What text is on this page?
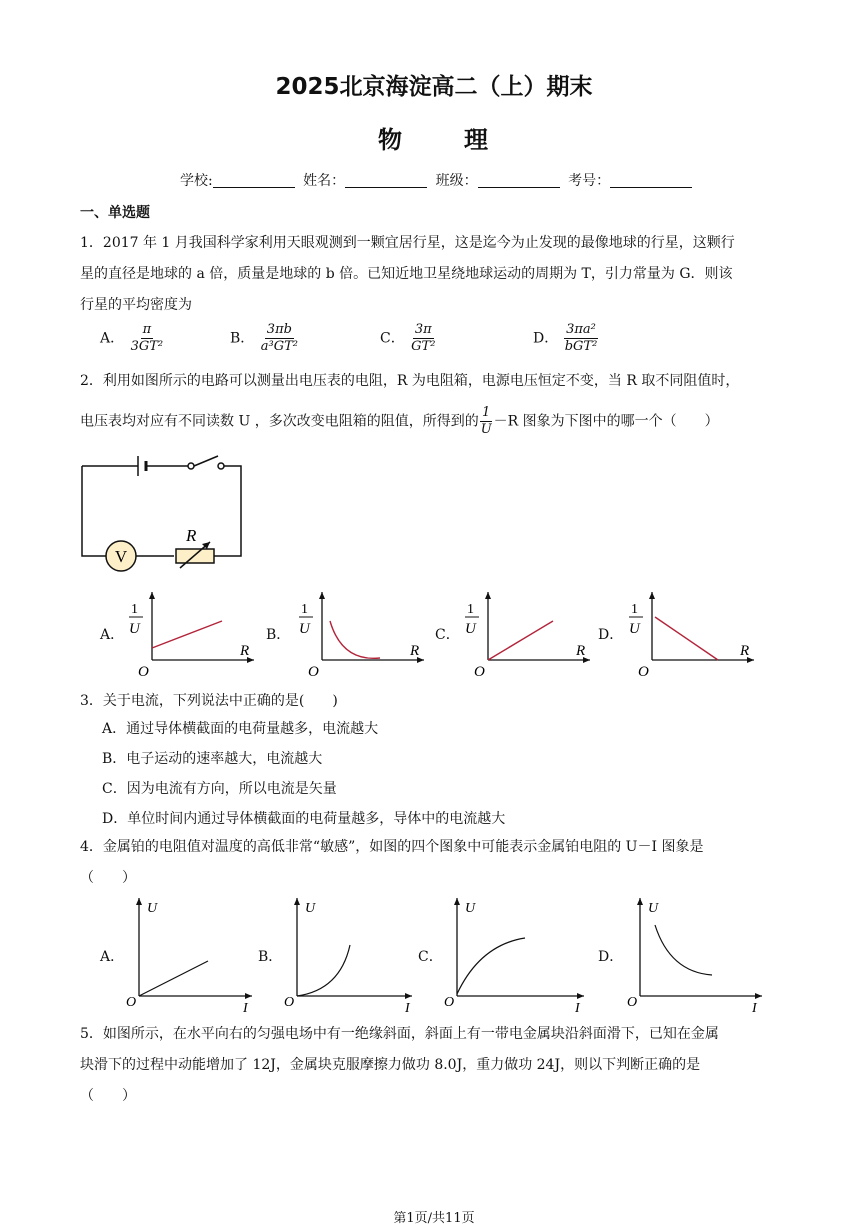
2025北京海淀高二（上）期末
物	理
学校:	姓名：	班级：	考号：
一、单选题
1．2017 年 1 月我国科学家利用天眼观测到一颗宜居行星，这是迄今为止发现的最像地球的行星，这颗行
星的直径是地球的 a 倍，质量是地球的 b 倍。已知近地卫星绕地球运动的周期为 T，引力常量为 G．则该
行星的平均密度为
A． $\frac{\pi}{\text{3GT²}}$	B． $\frac{3\pi b}{\text{a³GT²}}$	C． $\frac{3\pi}{\text{GT²}}$	D． $\frac{\text{3πa²}}{\text{bGT²}}$
2．利用如图所示的电路可以测量出电压表的电阻，R 为电阻箱，电源电压恒定不变，当 R 取不同阻值时，
电压表均对应有不同读数 U ，多次改变电阻箱的阻值，所得到的 $\frac{1}{U} -R$ 图象为下图中的哪一个（　　）
V
R
A．
1
U
R
O
B．
1
U
R
O
C．
1
U
R
O
D．
1
U
R
O
3．关于电流，下列说法中正确的是(　　)
A．通过导体横截面的电荷量越多，电流越大
B．电子运动的速率越大，电流越大
C．因为电流有方向，所以电流是矢量
D．单位时间内通过导体横截面的电荷量越多，导体中的电流越大
4．金属铂的电阻值对温度的高低非常“敏感”，如图的四个图象中可能表示金属铂电阻的 U－I 图象是
（　　）
A．
U
I
O
B．
U
I
O
C．
U
I
O
D．
U
I
O
5．如图所示，在水平向右的匀强电场中有一绝缘斜面，斜面上有一带电金属块沿斜面滑下，已知在金属
块滑下的过程中动能增加了 12J，金属块克服摩擦力做功 8.0J，重力做功 24J，则以下判断正确的是
（　　）
第1页/共11页
